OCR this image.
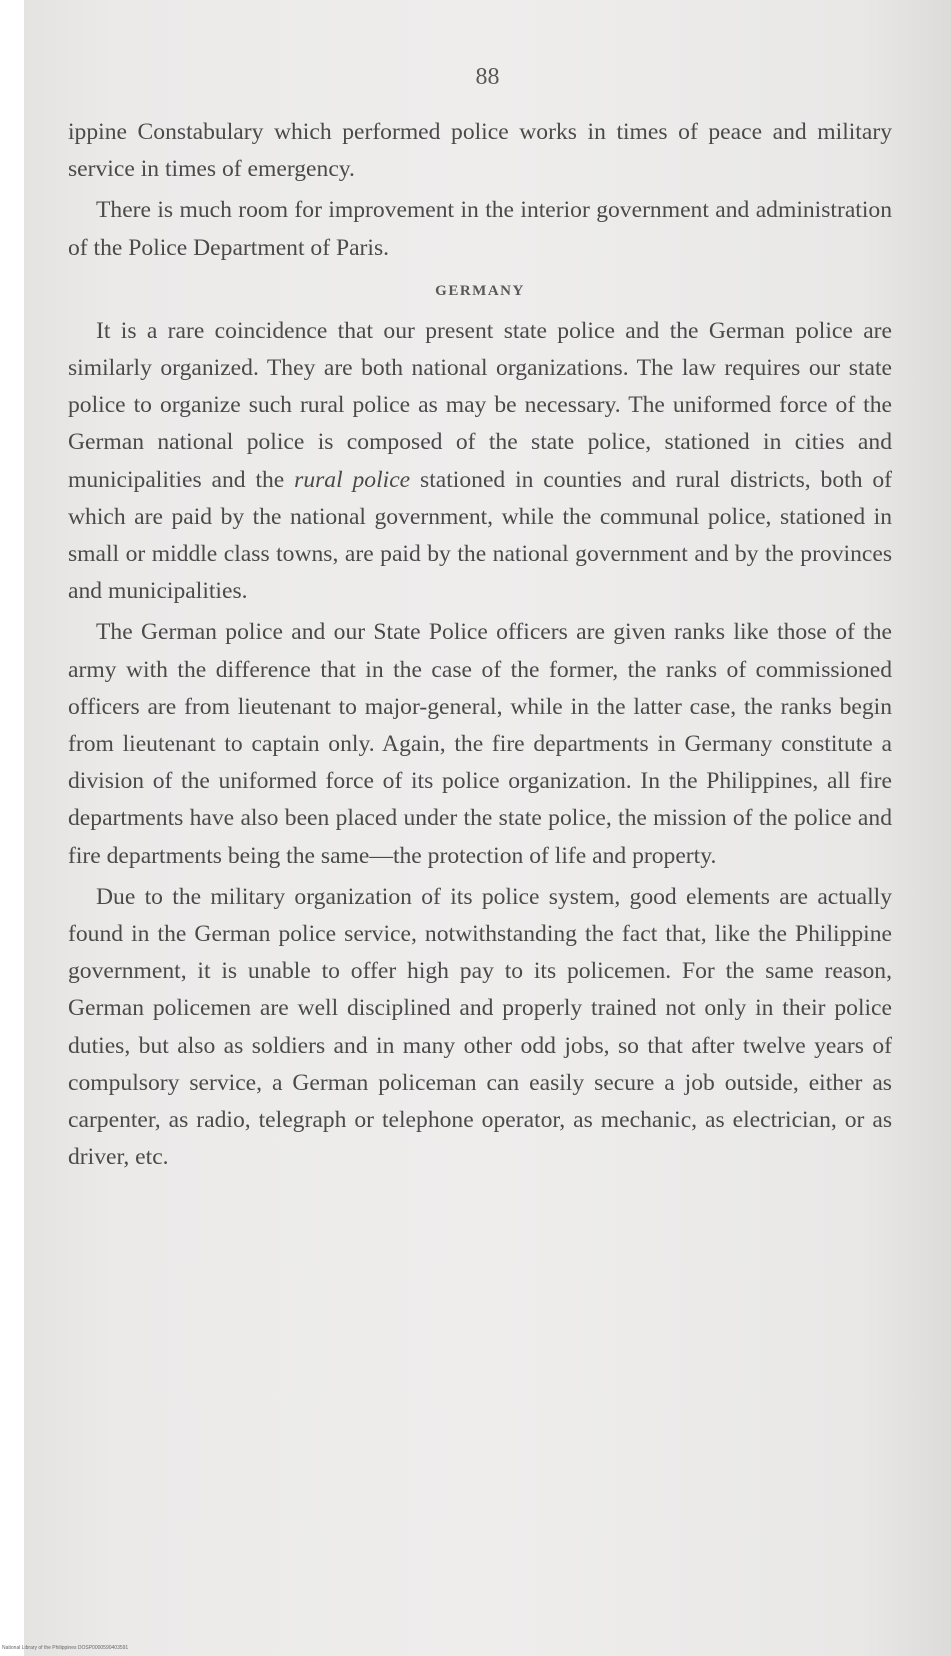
88

ippine Constabulary which performed police works in times of peace and military service in times of emergency.

There is much room for improvement in the interior government and administration of the Police Department of Paris.

GERMANY

It is a rare coincidence that our present state police and the German police are similarly organized. They are both national organizations. The law requires our state police to organize such rural police as may be necessary. The uniformed force of the German national police is composed of the state police, stationed in cities and municipalities and the rural police stationed in counties and rural districts, both of which are paid by the national government, while the communal police, stationed in small or middle class towns, are paid by the national government and by the provinces and municipalities.

The German police and our State Police officers are given ranks like those of the army with the difference that in the case of the former, the ranks of commissioned officers are from lieutenant to major-general, while in the latter case, the ranks begin from lieutenant to captain only. Again, the fire departments in Germany constitute a division of the uniformed force of its police organization. In the Philippines, all fire departments have also been placed under the state police, the mission of the police and fire departments being the same—the protection of life and property.

Due to the military organization of its police system, good elements are actually found in the German police service, notwithstanding the fact that, like the Philippine government, it is unable to offer high pay to its policemen. For the same reason, German policemen are well disciplined and properly trained not only in their police duties, but also as soldiers and in many other odd jobs, so that after twelve years of compulsory service, a German policeman can easily secure a job outside, either as carpenter, as radio, telegraph or telephone operator, as mechanic, as electrician, or as driver, etc.

National Library of the Philippines DOSP0000590403591
